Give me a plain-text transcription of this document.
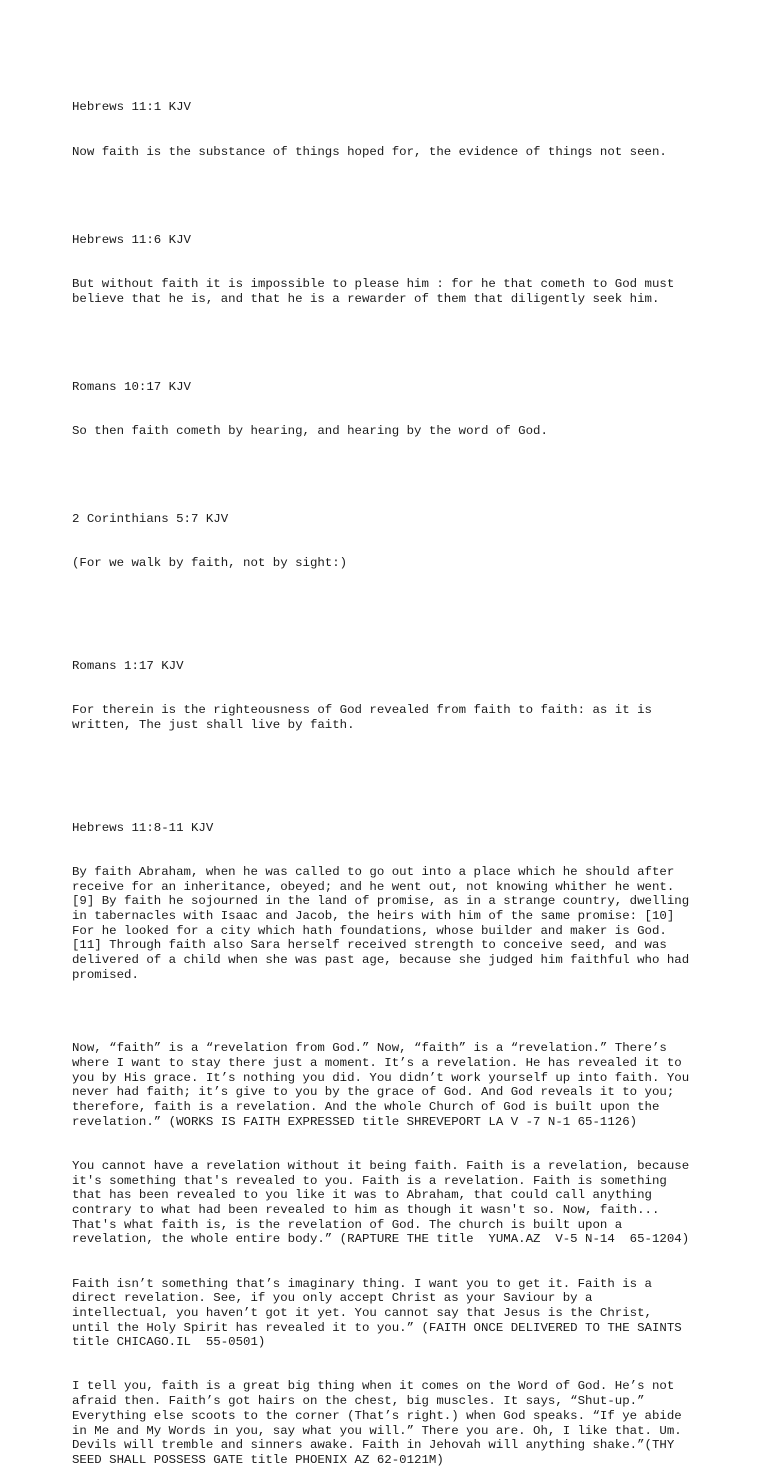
Hebrews 11:1 KJV

Now faith is the substance of things hoped for, the evidence of things not seen.

Hebrews 11:6 KJV

But without faith it is impossible to please him : for he that cometh to God must
believe that he is, and that he is a rewarder of them that diligently seek him.

Romans 10:17 KJV

So then faith cometh by hearing, and hearing by the word of God.

2 Corinthians 5:7 KJV

(For we walk by faith, not by sight:)

Romans 1:17 KJV

For therein is the righteousness of God revealed from faith to faith: as it is
written, The just shall live by faith.

Hebrews 11:8-11 KJV

By faith Abraham, when he was called to go out into a place which he should after
receive for an inheritance, obeyed; and he went out, not knowing whither he went.
[9] By faith he sojourned in the land of promise, as in a strange country, dwelling
in tabernacles with Isaac and Jacob, the heirs with him of the same promise: [10]
For he looked for a city which hath foundations, whose builder and maker is God.
[11] Through faith also Sara herself received strength to conceive seed, and was
delivered of a child when she was past age, because she judged him faithful who had
promised.

Now, “faith” is a “revelation from God.” Now, “faith” is a “revelation.” There’s
where I want to stay there just a moment. It’s a revelation. He has revealed it to
you by His grace. It’s nothing you did. You didn’t work yourself up into faith. You
never had faith; it’s give to you by the grace of God. And God reveals it to you;
therefore, faith is a revelation. And the whole Church of God is built upon the
revelation.” (WORKS IS FAITH EXPRESSED title SHREVEPORT LA V -7 N-1 65-1126)
You cannot have a revelation without it being faith. Faith is a revelation, because
it's something that's revealed to you. Faith is a revelation. Faith is something
that has been revealed to you like it was to Abraham, that could call anything
contrary to what had been revealed to him as though it wasn't so. Now, faith...
That's what faith is, is the revelation of God. The church is built upon a
revelation, the whole entire body.” (RAPTURE THE title  YUMA.AZ  V-5 N-14  65-1204)
Faith isn’t something that’s imaginary thing. I want you to get it. Faith is a
direct revelation. See, if you only accept Christ as your Saviour by a
intellectual, you haven’t got it yet. You cannot say that Jesus is the Christ,
until the Holy Spirit has revealed it to you.” (FAITH ONCE DELIVERED TO THE SAINTS
title CHICAGO.IL  55-0501)
I tell you, faith is a great big thing when it comes on the Word of God. He’s not
afraid then. Faith’s got hairs on the chest, big muscles. It says, “Shut-up.”
Everything else scoots to the corner (That’s right.) when God speaks. “If ye abide
in Me and My Words in you, say what you will.” There you are. Oh, I like that. Um.
Devils will tremble and sinners awake. Faith in Jehovah will anything shake.”(THY
SEED SHALL POSSESS GATE title PHOENIX AZ 62-0121M)
